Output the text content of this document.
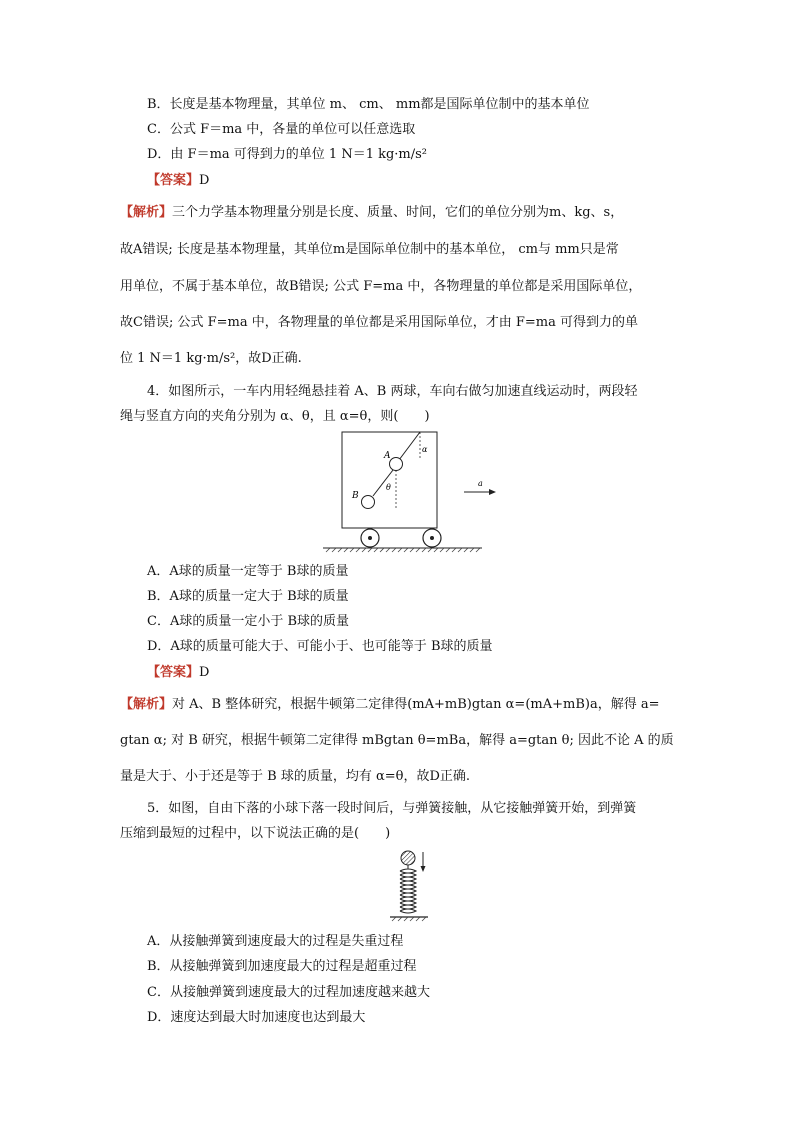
B．长度是基本物理量，其单位 m、 cm、 mm都是国际单位制中的基本单位
C．公式 F＝ma 中，各量的单位可以任意选取
D．由 F＝ma 可得到力的单位 1 N＝1 kg·m/s²
【答案】D
【解析】三个力学基本物理量分别是长度、质量、时间，它们的单位分别为m、kg、s，
故A错误; 长度是基本物理量，其单位m是国际单位制中的基本单位， cm与 mm只是常
用单位，不属于基本单位，故B错误; 公式 F=ma 中，各物理量的单位都是采用国际单位，
故C错误; 公式 F=ma 中，各物理量的单位都是采用国际单位，才由 F=ma 可得到力的单
位 1 N＝1 kg·m/s²，故D正确.
4．如图所示，一车内用轻绳悬挂着 A、B 两球，车向右做匀加速直线运动时，两段轻
绳与竖直方向的夹角分别为 α、θ，且 α=θ，则(　　)
A
B
α
θ	a
A．A球的质量一定等于 B球的质量
B．A球的质量一定大于 B球的质量
C．A球的质量一定小于 B球的质量
D．A球的质量可能大于、可能小于、也可能等于 B球的质量
【答案】D
【解析】对 A、B 整体研究，根据牛顿第二定律得(mA+mB)gtan α=(mA+mB)a，解得 a=
gtan α; 对 B 研究，根据牛顿第二定律得 mBgtan θ=mBa，解得 a=gtan θ; 因此不论 A 的质
量是大于、小于还是等于 B 球的质量，均有 α=θ，故D正确.
5．如图，自由下落的小球下落一段时间后，与弹簧接触，从它接触弹簧开始，到弹簧
压缩到最短的过程中，以下说法正确的是(　　)
A．从接触弹簧到速度最大的过程是失重过程
B．从接触弹簧到加速度最大的过程是超重过程
C．从接触弹簧到速度最大的过程加速度越来越大
D．速度达到最大时加速度也达到最大
